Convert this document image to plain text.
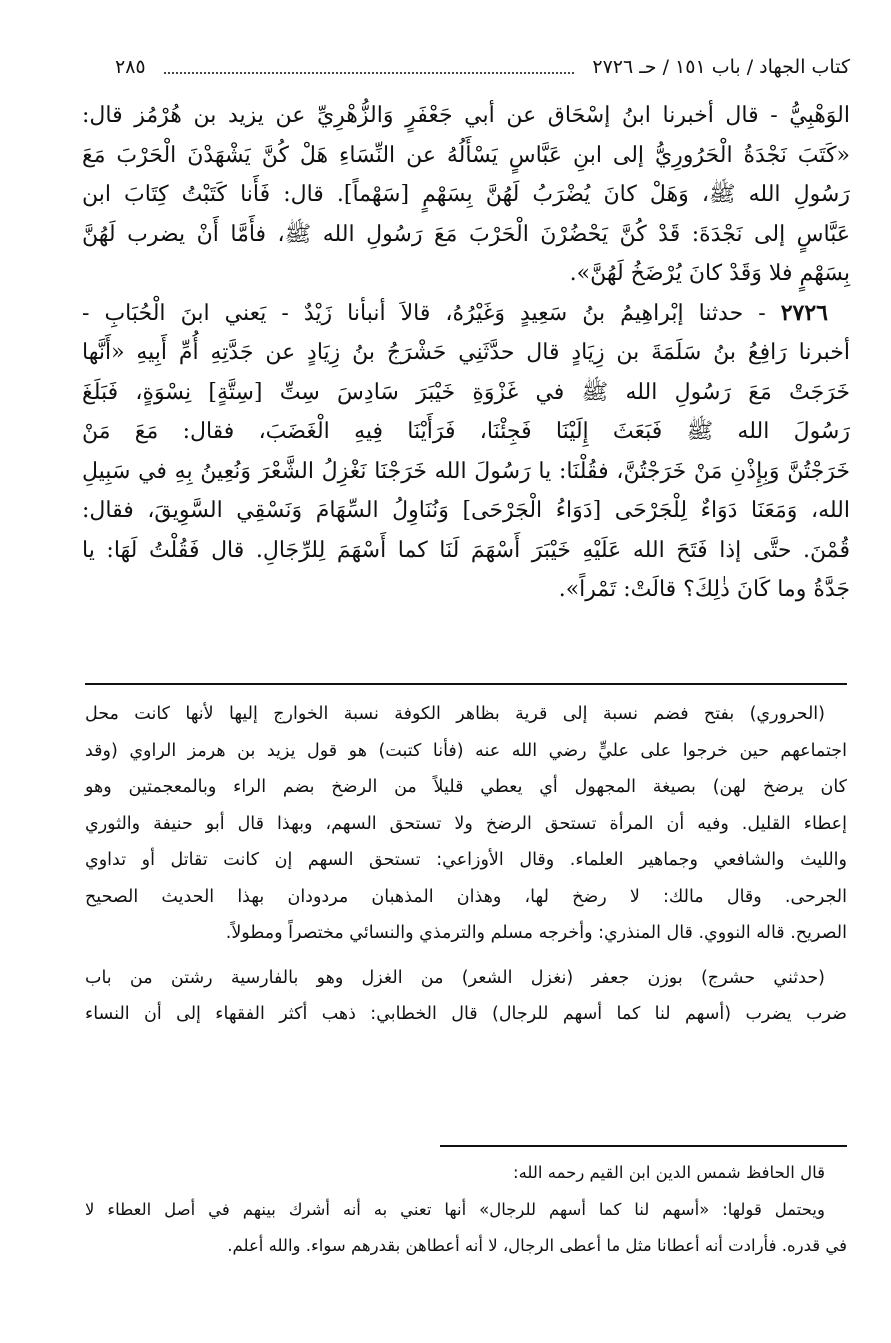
كتاب الجهاد / باب ١٥١ / حـ ٢٧٢٦
٢٨٥
الوَهْبِيُّ - قال أخبرنا ابنُ إسْحَاق عن أبي جَعْفَرٍ وَالزُّهْرِيِّ عن يزيد بن هُرْمُز قال:
«كَتَبَ نَجْدَةُ الْحَرُورِيُّ إلى ابنِ عَبَّاسٍ يَسْأَلُهُ عن النِّسَاءِ هَلْ كُنَّ يَشْهَدْنَ الْحَرْبَ مَعَ
رَسُولِ الله ﷺ، وَهَلْ كانَ يُضْرَبُ لَهُنَّ بِسَهْمٍ [سَهْماً]. قال: فَأَنا كَتَبْتُ كِتَابَ ابن
عَبَّاسٍ إلى نَجْدَةَ: قَدْ كُنَّ يَحْضُرْنَ الْحَرْبَ مَعَ رَسُولِ الله ﷺ، فأَمَّا أَنْ يضرب لَهُنَّ
بِسَهْمٍ فلا وَقَدْ كانَ يُرْضَخُ لَهُنَّ».
٢٧٢٦ - حدثنا إبْراهِيمُ بنُ سَعِيدٍ وَغَيْرُهُ، قالاَ أنبأنا زَيْدٌ - يَعني ابنَ الْحُبَابِ -
أخبرنا رَافِعُ بنُ سَلَمَةَ بن زِيَادٍ قال حدَّثَنِي حَشْرَجُ بنُ زِيَادٍ عن جَدَّتِهِ أُمِّ أَبِيهِ «أَنَّها
خَرَجَتْ مَعَ رَسُولِ الله ﷺ في غَزْوَةِ خَيْبَرَ سَادِسَ سِتِّ [سِتَّةٍ] نِسْوَةٍ، فَبَلَغَ
رَسُولَ الله ﷺ فَبَعَثَ إِلَيْنَا فَجِئْنَا، فَرَأَيْنَا فِيهِ الْغَضَبَ، فقال: مَعَ مَنْ
خَرَجْتُنَّ وَبِإِذْنِ مَنْ خَرَجْتُنَّ، فقُلْنَا: يا رَسُولَ الله خَرَجْنَا نَغْزِلُ الشَّعْرَ وَنُعِينُ بِهِ في سَبِيلِ
الله، وَمَعَنَا دَوَاءٌ لِلْجَرْحَى [دَوَاءُ الْجَرْحَى] وَنُنَاوِلُ السِّهَامَ وَنَسْقِي السَّوِيقَ، فقال:
قُمْنَ. حتَّى إذا فَتَحَ الله عَلَيْهِ خَيْبَرَ أَسْهَمَ لَنَا كما أَسْهَمَ لِلرِّجَالِ. قال فَقُلْتُ لَهَا: يا
جَدَّةُ وما كَانَ ذٰلِكَ؟ قالَتْ: تَمْراً».
(الحروري) بفتح فضم نسبة إلى قرية بظاهر الكوفة نسبة الخوارج إليها لأنها كانت محل
اجتماعهم حين خرجوا على عليٍّ رضي الله عنه (فأنا كتبت) هو قول يزيد بن هرمز الراوي (وقد
كان يرضخ لهن) بصيغة المجهول أي يعطي قليلاً من الرضخ بضم الراء وبالمعجمتين وهو
إعطاء القليل. وفيه أن المرأة تستحق الرضخ ولا تستحق السهم، وبهذا قال أبو حنيفة والثوري
والليث والشافعي وجماهير العلماء. وقال الأوزاعي: تستحق السهم إن كانت تقاتل أو تداوي
الجرحى. وقال مالك: لا رضخ لها، وهذان المذهبان مردودان بهذا الحديث الصحيح
الصريح. قاله النووي. قال المنذري: وأخرجه مسلم والترمذي والنسائي مختصراً ومطولاً.
(حدثني حشرج) بوزن جعفر (نغزل الشعر) من الغزل وهو بالفارسية رشتن من باب
ضرب يضرب (أسهم لنا كما أسهم للرجال) قال الخطابي: ذهب أكثر الفقهاء إلى أن النساء
قال الحافظ شمس الدين ابن القيم رحمه الله:
ويحتمل قولها: «أسهم لنا كما أسهم للرجال» أنها تعني به أنه أشرك بينهم في أصل العطاء لا
في قدره. فأرادت أنه أعطانا مثل ما أعطى الرجال، لا أنه أعطاهن بقدرهم سواء. والله أعلم.
